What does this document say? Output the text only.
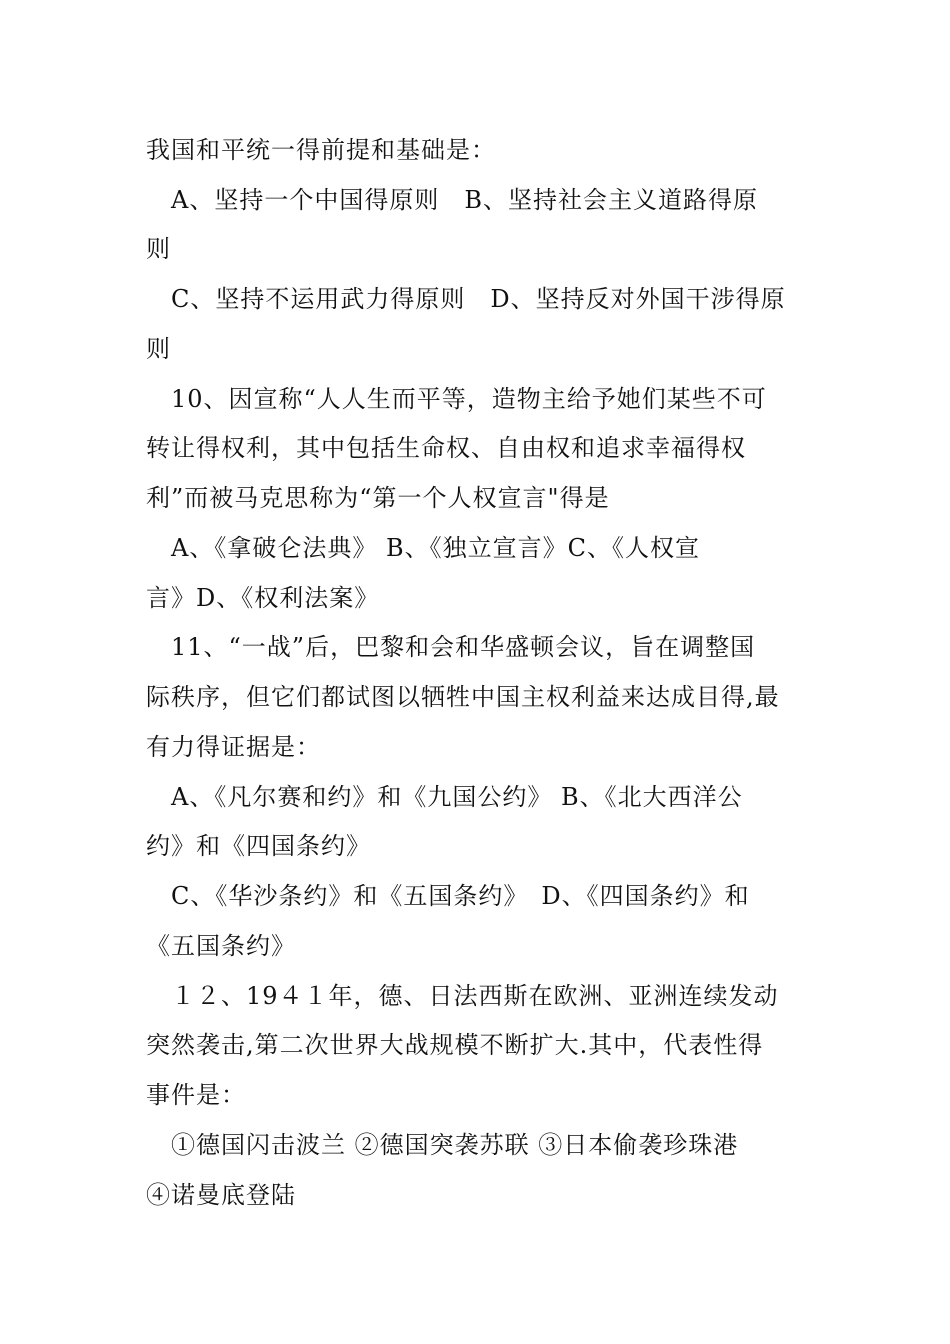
我国和平统一得前提和基础是：
　A、坚持一个中国得原则　B、坚持社会主义道路得原
则
　C、坚持不运用武力得原则　D、坚持反对外国干涉得原
则
　10、因宣称“人人生而平等，造物主给予她们某些不可
转让得权利，其中包括生命权、自由权和追求幸福得权
利”而被马克思称为“第一个人权宣言"得是
　A、《拿破仑法典》 B、《独立宣言》C、《人权宣
言》D、《权利法案》
　11、“一战”后，巴黎和会和华盛顿会议，旨在调整国
际秩序，但它们都试图以牺牲中国主权利益来达成目得,最
有力得证据是：
　A、《凡尔赛和约》和《九国公约》 B、《北大西洋公
约》和《四国条约》
　C、《华沙条约》和《五国条约》　D、《四国条约》和
《五国条约》
　１２、19４１年，德、日法西斯在欧洲、亚洲连续发动
突然袭击,第二次世界大战规模不断扩大.其中，代表性得
事件是：
　①德国闪击波兰 ②德国突袭苏联 ③日本偷袭珍珠港
④诺曼底登陆
